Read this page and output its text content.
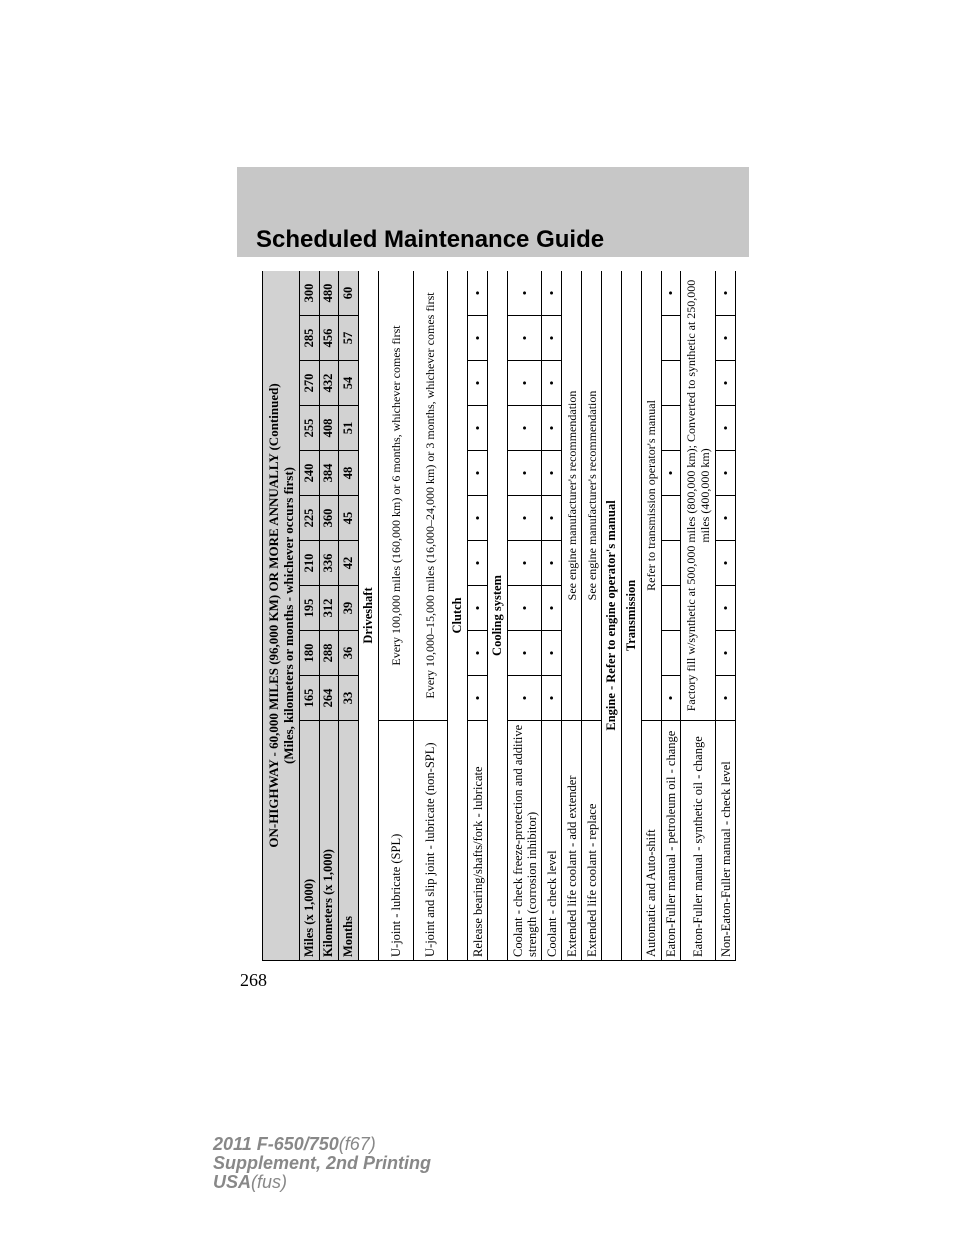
Scheduled Maintenance Guide
ON-HIGHWAY - 60,000 MILES (96,000 KM) OR MORE ANNUALLY (Continued) (Miles, kilometers or months - whichever occurs first)										

Miles (x 1,000)	165	180	195	210	225	240	255	270	285	300
Kilometers (x 1,000)	264	288	312	336	360	384	408	432	456	480
Months	33	36	39	42	45	48	51	54	57	60
Driveshaft										
U-joint - lubricate (SPL)	Every 100,000 miles (160,000 km) or 6 months, whichever comes first									
U-joint and slip joint - lubricate (non-SPL)	Every 10,000–15,000 miles (16,000–24,000 km) or 3 months, whichever comes first									
Clutch										
Release bearing/shafts/fork - lubricate	•	•	•	•	•	•	•	•	•	•
Cooling system										
Coolant - check freeze-protection and additive strength (corrosion inhibitor)	•	•	•	•	•	•	•	•	•	•
Coolant - check level	•	•	•	•	•	•	•	•	•	•
Extended life coolant - add extender	See engine manufacturer's recommendation									
Extended life coolant - replace	See engine manufacturer's recommendation									
Engine - Refer to engine operator's manual										
Transmission										
Automatic and Auto-shift	Refer to transmission operator's manual									
Eaton-Fuller manual - petroleum oil - change	•					•				•
Eaton-Fuller manual - synthetic oil - change	Factory fill w/synthetic at 500,000 miles (800,000 km); Converted to synthetic at 250,000 miles (400,000 km)									
Non-Eaton-Fuller manual - check level	•	•	•	•	•	•	•	•	•	•
268
2011 F-650/750(f67)
Supplement, 2nd Printing
USA(fus)
